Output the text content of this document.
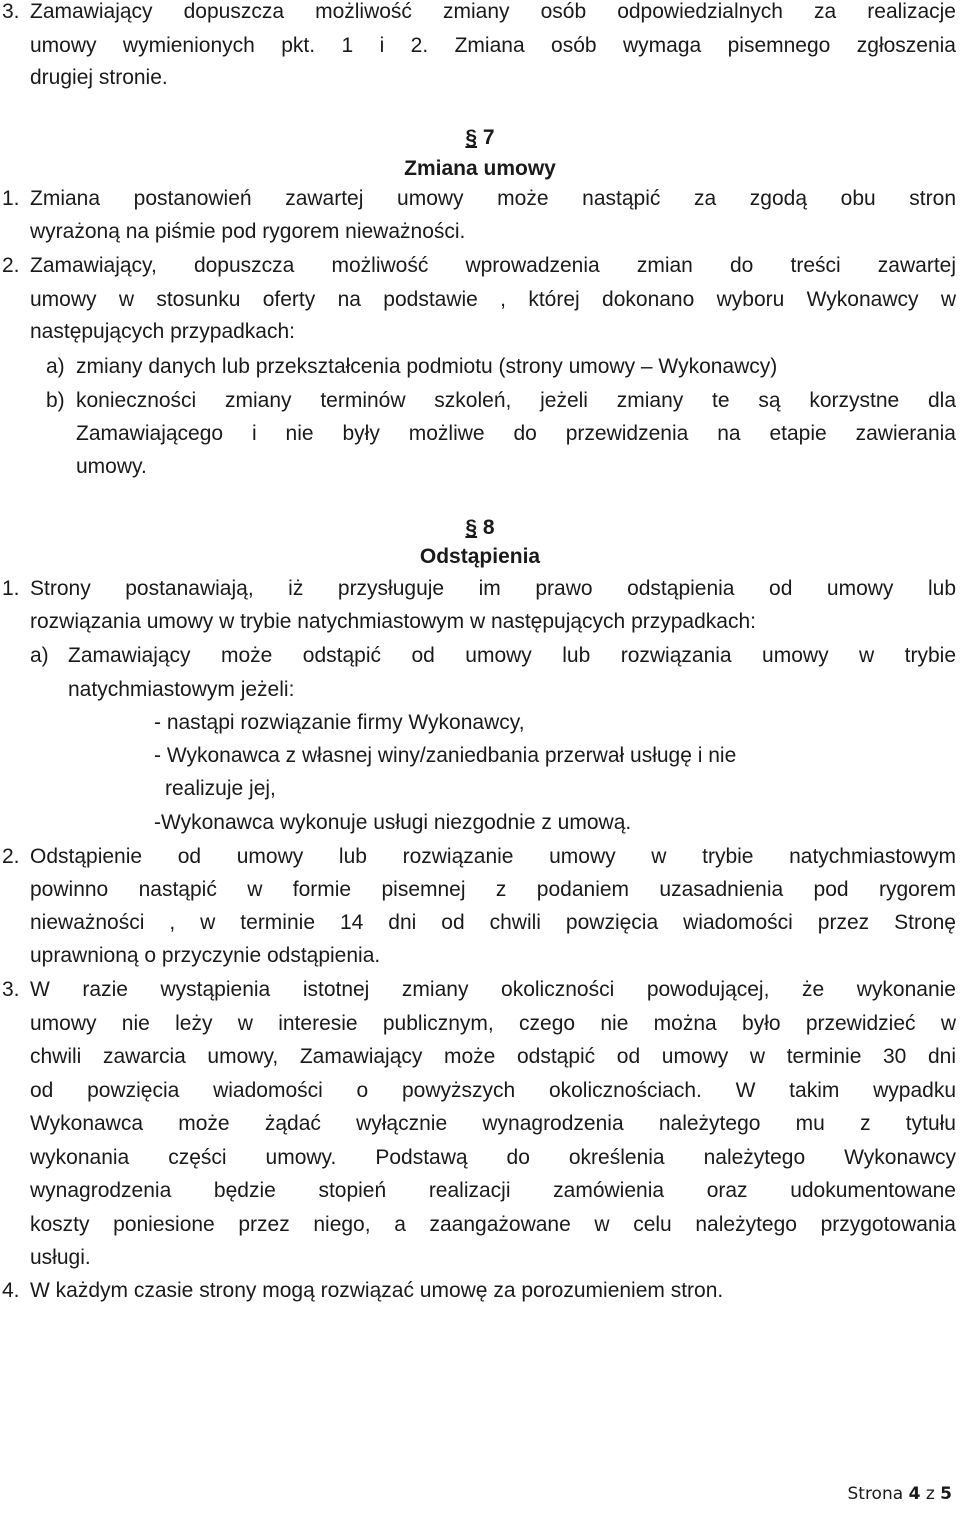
3. Zamawiający dopuszcza możliwość zmiany osób odpowiedzialnych za realizacje
umowy wymienionych pkt. 1 i 2. Zmiana osób wymaga pisemnego zgłoszenia
drugiej stronie.
§ 7
Zmiana umowy
1. Zmiana postanowień zawartej umowy może nastąpić za zgodą obu stron
wyrażoną na piśmie pod rygorem nieważności.
2. Zamawiający, dopuszcza możliwość wprowadzenia zmian do treści zawartej
umowy w stosunku oferty na podstawie , której dokonano wyboru Wykonawcy w
następujących przypadkach:
a) zmiany danych lub przekształcenia podmiotu (strony umowy – Wykonawcy)
b) konieczności zmiany terminów szkoleń, jeżeli zmiany te są korzystne dla
Zamawiającego i nie były możliwe do przewidzenia na etapie zawierania
umowy.
§ 8
Odstąpienia
1. Strony postanawiają, iż przysługuje im prawo odstąpienia od umowy lub
rozwiązania umowy w trybie natychmiastowym w następujących przypadkach:
a) Zamawiający może odstąpić od umowy lub rozwiązania umowy w trybie
natychmiastowym jeżeli:
- nastąpi rozwiązanie firmy Wykonawcy,
- Wykonawca z własnej winy/zaniedbania przerwał usługę i nie
realizuje jej,
-Wykonawca wykonuje usługi niezgodnie z umową.
2. Odstąpienie od umowy lub rozwiązanie umowy w trybie natychmiastowym
powinno nastąpić w formie pisemnej z podaniem uzasadnienia pod rygorem
nieważności , w terminie 14 dni od chwili powzięcia wiadomości przez Stronę
uprawnioną o przyczynie odstąpienia.
3. W razie wystąpienia istotnej zmiany okoliczności powodującej, że wykonanie
umowy nie leży w interesie publicznym, czego nie można było przewidzieć w
chwili zawarcia umowy, Zamawiający może odstąpić od umowy w terminie 30 dni
od powzięcia wiadomości o powyższych okolicznościach. W takim wypadku
Wykonawca może żądać wyłącznie wynagrodzenia należytego mu z tytułu
wykonania części umowy. Podstawą do określenia należytego Wykonawcy
wynagrodzenia będzie stopień realizacji zamówienia oraz udokumentowane
koszty poniesione przez niego, a zaangażowane w celu należytego przygotowania
usługi.
4. W każdym czasie strony mogą rozwiązać umowę za porozumieniem stron.
Strona 4 z 5
